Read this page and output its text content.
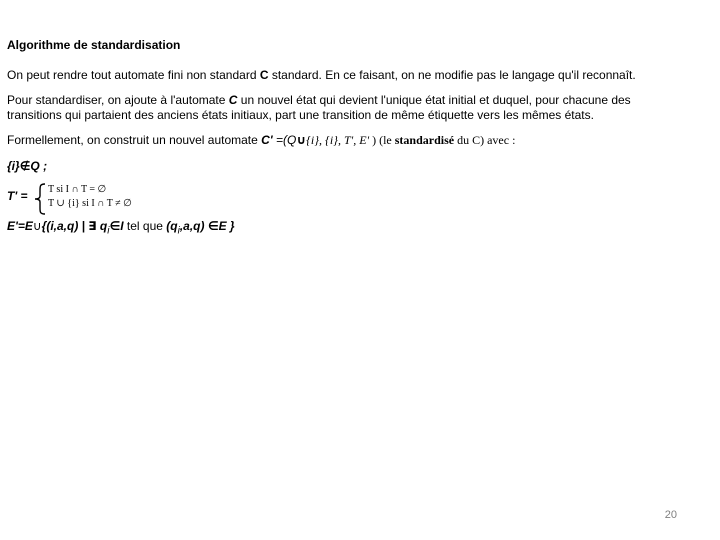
Algorithme de standardisation
On peut rendre tout automate fini non standard C standard. En ce faisant, on ne modifie pas le langage qu'il reconnaît.
Pour standardiser, on ajoute à l'automate C un nouvel état qui devient l'unique état initial et duquel, pour chacune des transitions qui partaient des anciens états initiaux, part une transition de même étiquette vers les mêmes états.
Formellement, on construit un nouvel automate C' =(Q∪{i}, {i}, T', E' ) (le standardisé du C) avec :
{i}∉Q ;
T' = T si I ∩ T = ∅
T ∪ {i} si I ∩ T ≠ ∅
E'=E∪{(i,a,q) | ∃ $q_i\in I$ tel que $(q_i,a,q)$ ∈E }
20
